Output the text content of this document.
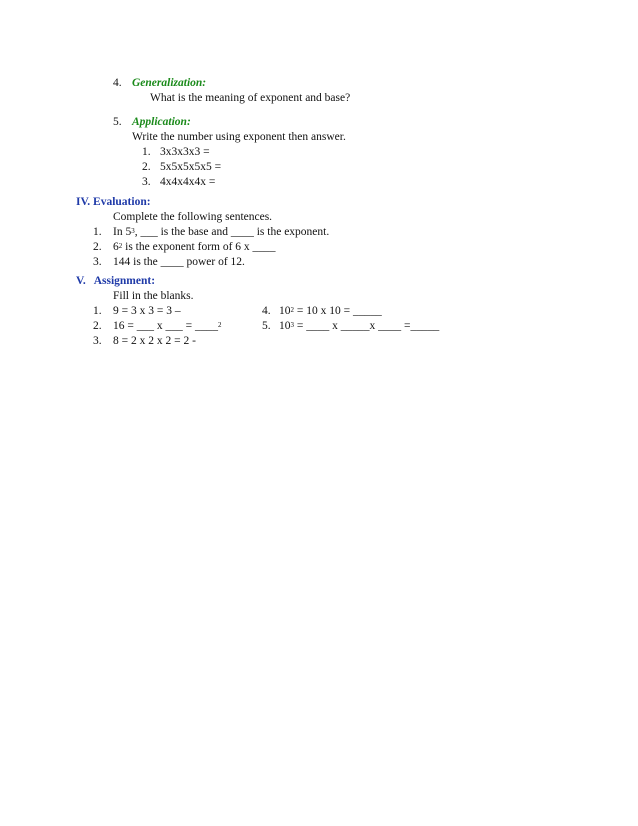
4. Generalization:
What is the meaning of exponent and base?
5. Application:
Write the number using exponent then answer.
1. 3x3x3x3 =
2. 5x5x5x5x5 =
3. 4x4x4x4x =
IV. Evaluation:
Complete the following sentences.
1. In $5^3$, ___ is the base and ____ is the exponent.
2. $6^2$ is the exponent form of 6 x ____
3. 144 is the ____ power of 12.
V.   Assignment:
Fill in the blanks.
1. 9 = 3 x 3 = 3 –
2. 16 = ___ x ___ = ____$^2$
3. 8 = 2 x 2 x 2 = 2 -
4. $10^2 = 10$ x 10 = _____
5. $10^3$ = ____ x _____x ____ =_____
